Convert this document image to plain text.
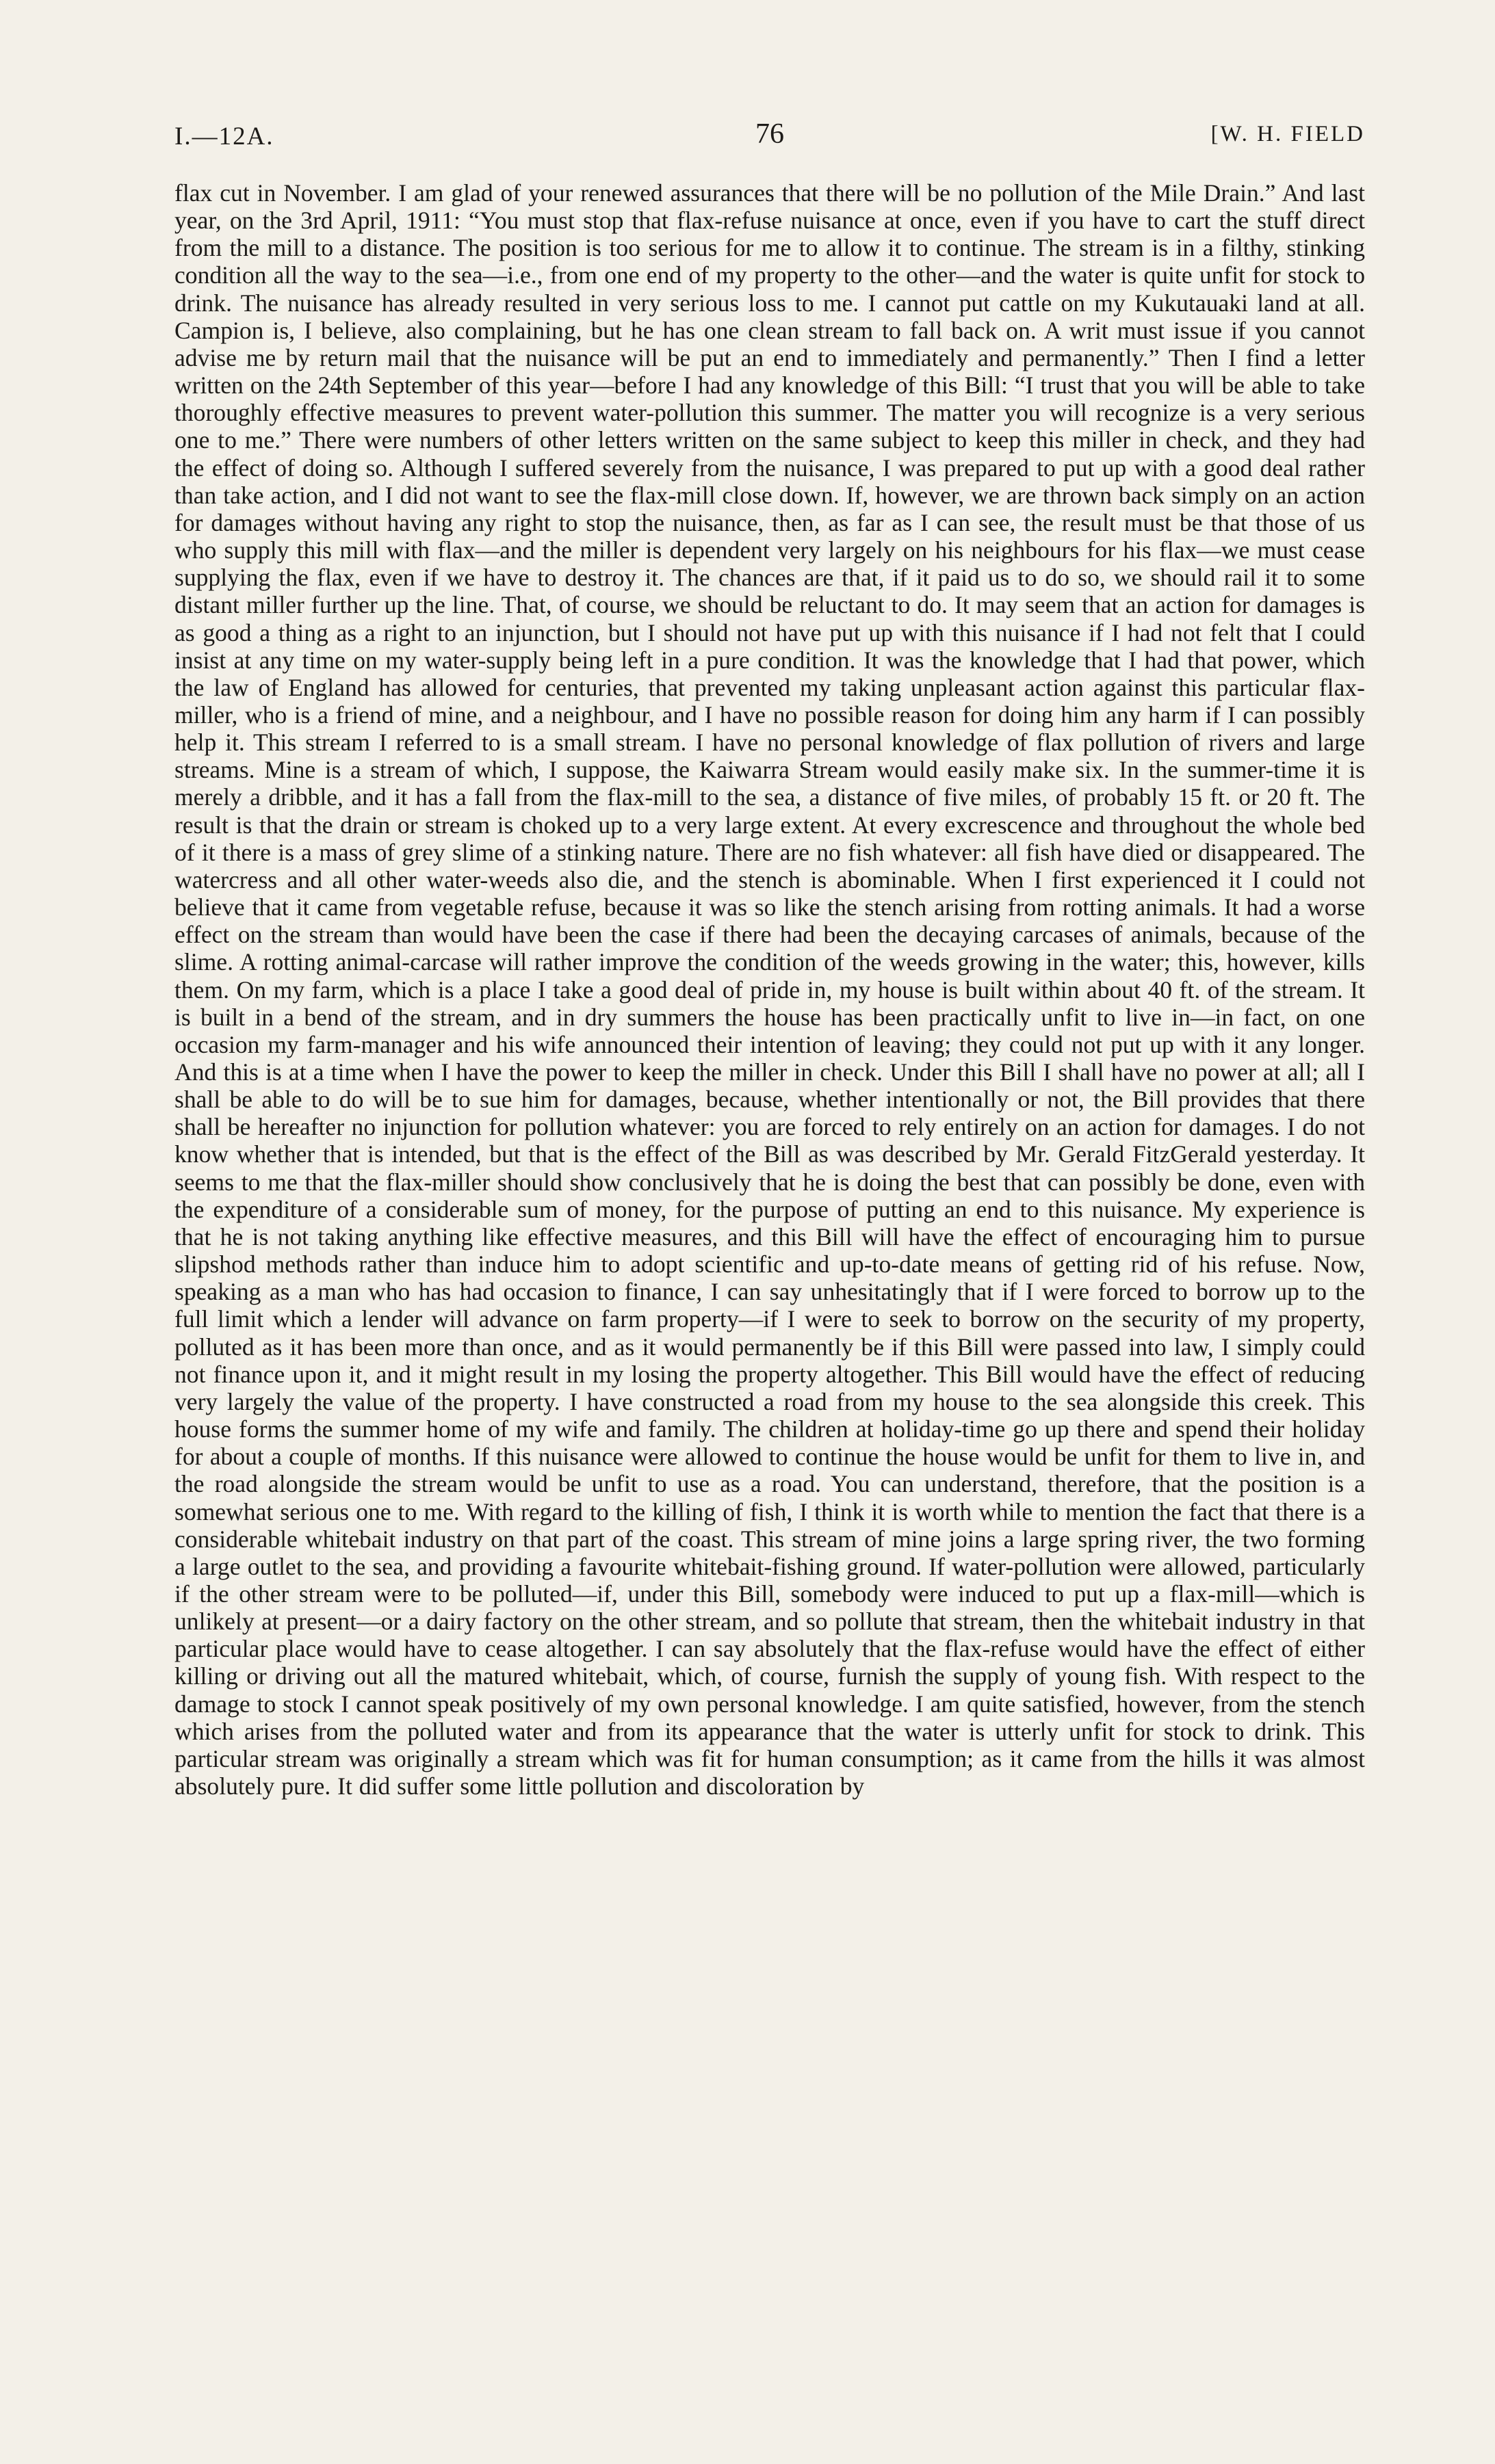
I.—12A.	76	[W. H. FIELD

flax cut in November. I am glad of your renewed assurances that there will be no pollution of the Mile Drain.” And last year, on the 3rd April, 1911: “You must stop that flax-refuse nuisance at once, even if you have to cart the stuff direct from the mill to a distance. The position is too serious for me to allow it to continue. The stream is in a filthy, stinking condition all the way to the sea—i.e., from one end of my property to the other—and the water is quite unfit for stock to drink. The nuisance has already resulted in very serious loss to me. I cannot put cattle on my Kukutauaki land at all. Campion is, I believe, also complaining, but he has one clean stream to fall back on. A writ must issue if you cannot advise me by return mail that the nuisance will be put an end to immediately and permanently.” Then I find a letter written on the 24th September of this year—before I had any knowledge of this Bill: “I trust that you will be able to take thoroughly effective measures to prevent water-pollution this summer. The matter you will recognize is a very serious one to me.” There were numbers of other letters written on the same subject to keep this miller in check, and they had the effect of doing so. Although I suffered severely from the nuisance, I was prepared to put up with a good deal rather than take action, and I did not want to see the flax-mill close down. If, however, we are thrown back simply on an action for damages without having any right to stop the nuisance, then, as far as I can see, the result must be that those of us who supply this mill with flax—and the miller is dependent very largely on his neighbours for his flax—we must cease supplying the flax, even if we have to destroy it. The chances are that, if it paid us to do so, we should rail it to some distant miller further up the line. That, of course, we should be reluctant to do. It may seem that an action for damages is as good a thing as a right to an injunction, but I should not have put up with this nuisance if I had not felt that I could insist at any time on my water-supply being left in a pure condition. It was the knowledge that I had that power, which the law of England has allowed for centuries, that prevented my taking unpleasant action against this particular flax-miller, who is a friend of mine, and a neighbour, and I have no possible reason for doing him any harm if I can possibly help it. This stream I referred to is a small stream. I have no personal knowledge of flax pollution of rivers and large streams. Mine is a stream of which, I suppose, the Kaiwarra Stream would easily make six. In the summer-time it is merely a dribble, and it has a fall from the flax-mill to the sea, a distance of five miles, of probably 15 ft. or 20 ft. The result is that the drain or stream is choked up to a very large extent. At every excrescence and throughout the whole bed of it there is a mass of grey slime of a stinking nature. There are no fish whatever: all fish have died or disappeared. The watercress and all other water-weeds also die, and the stench is abominable. When I first experienced it I could not believe that it came from vegetable refuse, because it was so like the stench arising from rotting animals. It had a worse effect on the stream than would have been the case if there had been the decaying carcases of animals, because of the slime. A rotting animal-carcase will rather improve the condition of the weeds growing in the water; this, however, kills them. On my farm, which is a place I take a good deal of pride in, my house is built within about 40 ft. of the stream. It is built in a bend of the stream, and in dry summers the house has been practically unfit to live in—in fact, on one occasion my farm-manager and his wife announced their intention of leaving; they could not put up with it any longer. And this is at a time when I have the power to keep the miller in check. Under this Bill I shall have no power at all; all I shall be able to do will be to sue him for damages, because, whether intentionally or not, the Bill provides that there shall be hereafter no injunction for pollution whatever: you are forced to rely entirely on an action for damages. I do not know whether that is intended, but that is the effect of the Bill as was described by Mr. Gerald FitzGerald yesterday. It seems to me that the flax-miller should show conclusively that he is doing the best that can possibly be done, even with the expenditure of a considerable sum of money, for the purpose of putting an end to this nuisance. My experience is that he is not taking anything like effective measures, and this Bill will have the effect of encouraging him to pursue slipshod methods rather than induce him to adopt scientific and up-to-date means of getting rid of his refuse. Now, speaking as a man who has had occasion to finance, I can say unhesitatingly that if I were forced to borrow up to the full limit which a lender will advance on farm property—if I were to seek to borrow on the security of my property, polluted as it has been more than once, and as it would permanently be if this Bill were passed into law, I simply could not finance upon it, and it might result in my losing the property altogether. This Bill would have the effect of reducing very largely the value of the property. I have constructed a road from my house to the sea alongside this creek. This house forms the summer home of my wife and family. The children at holiday-time go up there and spend their holiday for about a couple of months. If this nuisance were allowed to continue the house would be unfit for them to live in, and the road alongside the stream would be unfit to use as a road. You can understand, therefore, that the position is a somewhat serious one to me. With regard to the killing of fish, I think it is worth while to mention the fact that there is a considerable whitebait industry on that part of the coast. This stream of mine joins a large spring river, the two forming a large outlet to the sea, and providing a favourite whitebait-fishing ground. If water-pollution were allowed, particularly if the other stream were to be polluted—if, under this Bill, somebody were induced to put up a flax-mill—which is unlikely at present—or a dairy factory on the other stream, and so pollute that stream, then the whitebait industry in that particular place would have to cease altogether. I can say absolutely that the flax-refuse would have the effect of either killing or driving out all the matured whitebait, which, of course, furnish the supply of young fish. With respect to the damage to stock I cannot speak positively of my own personal knowledge. I am quite satisfied, however, from the stench which arises from the polluted water and from its appearance that the water is utterly unfit for stock to drink. This particular stream was originally a stream which was fit for human consumption; as it came from the hills it was almost absolutely pure. It did suffer some little pollution and discoloration by
